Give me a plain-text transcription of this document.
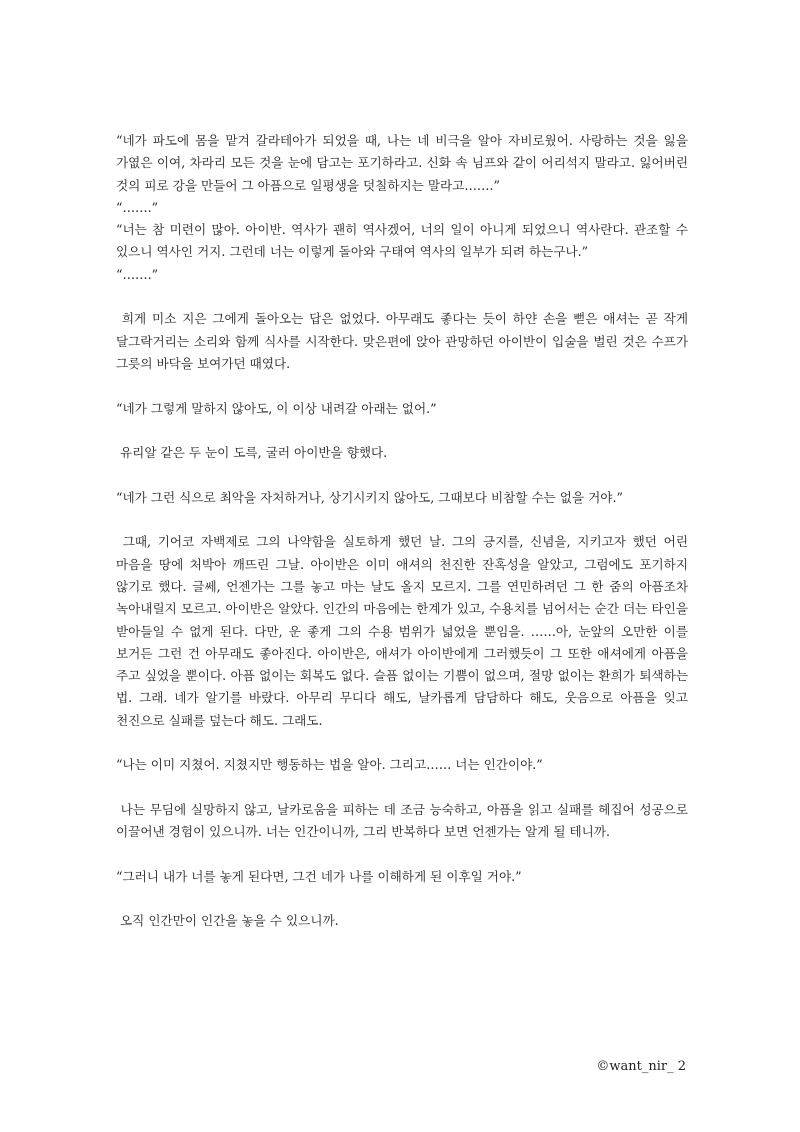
“네가 파도에 몸을 맡겨 갈라테아가 되었을 때, 나는 네 비극을 알아 자비로웠어. 사랑하는 것을 잃을 가엾은 이여, 차라리 모든 것을 눈에 담고는 포기하라고. 신화 속 님프와 같이 어리석지 말라고. 잃어버린 것의 피로 강을 만들어 그 아픔으로 일평생을 덧칠하지는 말라고…….”

“…….”

“너는 참 미련이 많아. 아이반. 역사가 괜히 역사겠어, 너의 일이 아니게 되었으니 역사란다. 관조할 수 있으니 역사인 거지. 그런데 너는 이렇게 돌아와 구태여 역사의 일부가 되려 하는구나.”

“…….”

희게 미소 지은 그에게 돌아오는 답은 없었다. 아무래도 좋다는 듯이 하얀 손을 뻗은 애셔는 곧 작게 달그락거리는 소리와 함께 식사를 시작한다. 맞은편에 앉아 관망하던 아이반이 입술을 벌린 것은 수프가 그릇의 바닥을 보여가던 때였다.

“네가 그렇게 말하지 않아도, 이 이상 내려갈 아래는 없어.”

유리알 같은 두 눈이 도륵, 굴러 아이반을 향했다.

“네가 그런 식으로 최악을 자처하거나, 상기시키지 않아도, 그때보다 비참할 수는 없을 거야.”

그때, 기어코 자백제로 그의 나약함을 실토하게 했던 날. 그의 긍지를, 신념을, 지키고자 했던 어린 마음을 땅에 처박아 깨뜨린 그날. 아이반은 이미 애셔의 천진한 잔혹성을 알았고, 그럼에도 포기하지 않기로 했다. 글쎄, 언젠가는 그를 놓고 마는 날도 올지 모르지. 그를 연민하려던 그 한 줌의 아픔조차 녹아내릴지 모르고. 아이반은 알았다. 인간의 마음에는 한계가 있고, 수용치를 넘어서는 순간 더는 타인을 받아들일 수 없게 된다. 다만, 운 좋게 그의 수용 범위가 넓었을 뿐임을. ……아, 눈앞의 오만한 이를 보거든 그런 건 아무래도 좋아진다. 아이반은, 애셔가 아이반에게 그러했듯이 그 또한 애셔에게 아픔을 주고 싶었을 뿐이다. 아픔 없이는 회복도 없다. 슬픔 없이는 기쁨이 없으며, 절망 없이는 환희가 퇴색하는 법. 그래. 네가 알기를 바랐다. 아무리 무디다 해도, 날카롭게 담담하다 해도, 웃음으로 아픔을 잊고 천진으로 실패를 덮는다 해도. 그래도.

“나는 이미 지쳤어. 지쳤지만 행동하는 법을 알아. 그리고…… 너는 인간이야.”

나는 무딤에 실망하지 않고, 날카로움을 피하는 데 조금 능숙하고, 아픔을 읽고 실패를 헤집어 성공으로 이끌어낸 경험이 있으니까. 너는 인간이니까, 그리 반복하다 보면 언젠가는 알게 될 테니까.

“그러니 내가 너를 놓게 된다면, 그건 네가 나를 이해하게 된 이후일 거야.”

오직 인간만이 인간을 놓을 수 있으니까.

©want_nir_ 2
